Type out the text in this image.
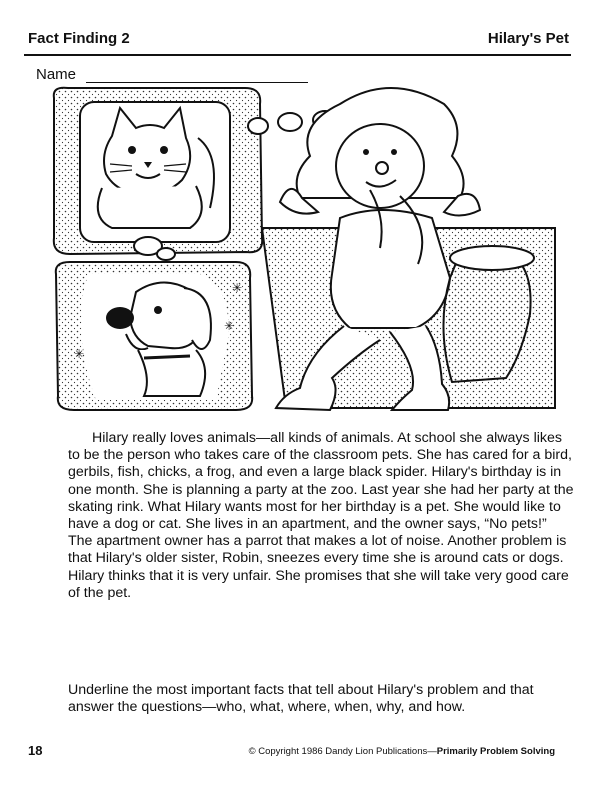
Fact Finding 2	Hilary's Pet
Name
✳
✳
✳

Hilary really loves animals—all kinds of animals. At school she always likes to be the person who takes care of the classroom pets. She has cared for a bird, gerbils, fish, chicks, a frog, and even a large black spider. Hilary's birthday is in one month. She is planning a party at the zoo. Last year she had her party at the skating rink. What Hilary wants most for her birthday is a pet. She would like to have a dog or cat. She lives in an apartment, and the owner says, “No pets!” The apartment owner has a parrot that makes a lot of noise. Another problem is that Hilary's older sister, Robin, sneezes every time she is around cats or dogs. Hilary thinks that it is very unfair. She promises that she will take very good care of the pet.

Underline the most important facts that tell about Hilary's problem and that answer the questions—who, what, where, when, why, and how.

18	© Copyright 1986 Dandy Lion Publications—Primarily Problem Solving
